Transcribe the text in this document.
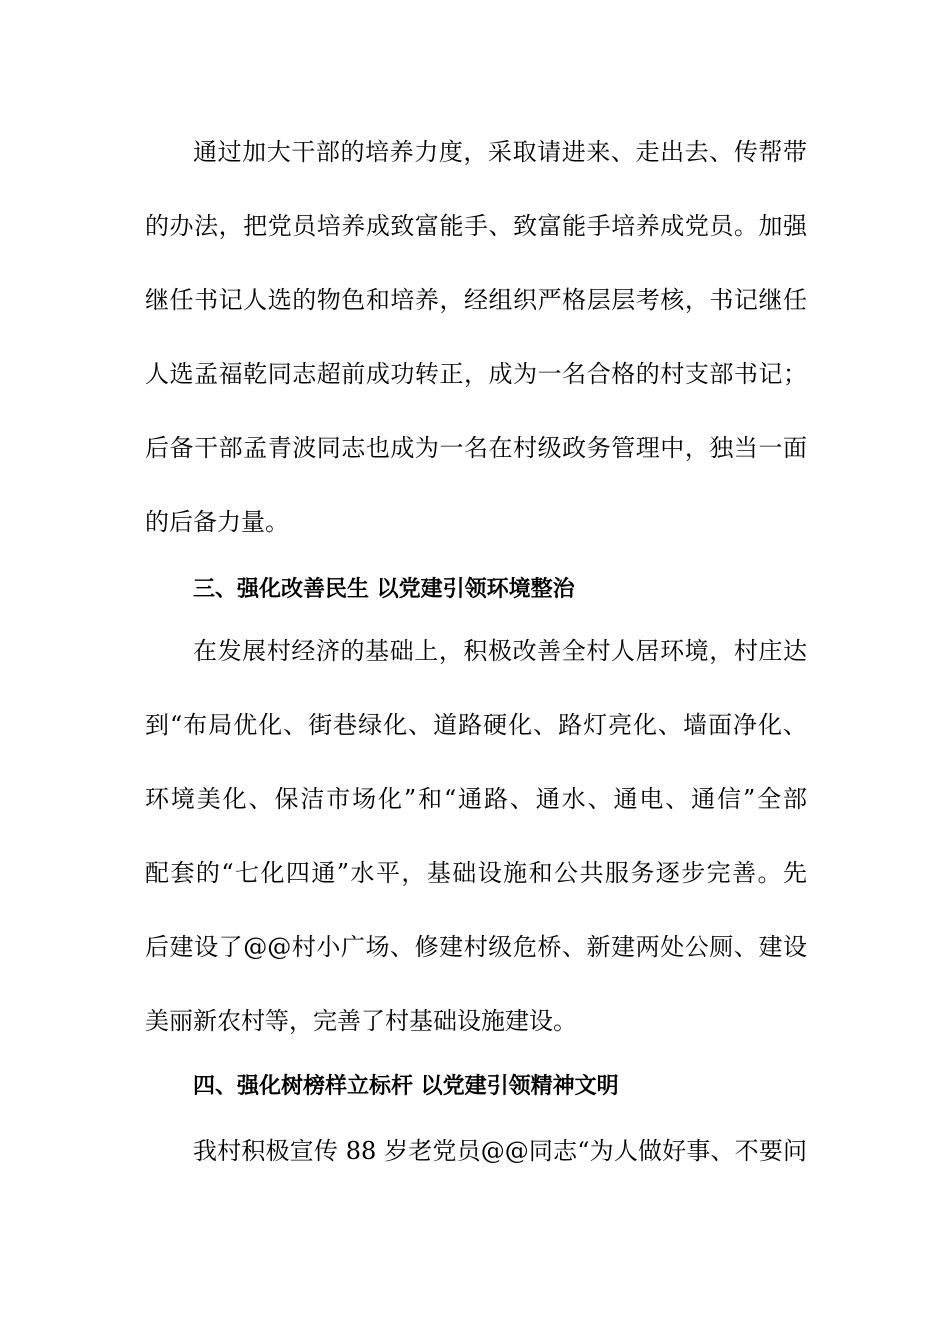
通过加大干部的培养力度，采取请进来、走出去、传帮带
的办法，把党员培养成致富能手、致富能手培养成党员。加强
继任书记人选的物色和培养，经组织严格层层考核，书记继任
人选孟福乾同志超前成功转正，成为一名合格的村支部书记；
后备干部孟青波同志也成为一名在村级政务管理中，独当一面
的后备力量。
三、强化改善民生 以党建引领环境整治
在发展村经济的基础上，积极改善全村人居环境，村庄达
到“布局优化、街巷绿化、道路硬化、路灯亮化、墙面净化、
环境美化、保洁市场化”和“通路、通水、通电、通信”全部
配套的“七化四通”水平，基础设施和公共服务逐步完善。先
后建设了@@村小广场、修建村级危桥、新建两处公厕、建设
美丽新农村等，完善了村基础设施建设。
四、强化树榜样立标杆 以党建引领精神文明
我村积极宣传 88 岁老党员@@同志“为人做好事、不要问
